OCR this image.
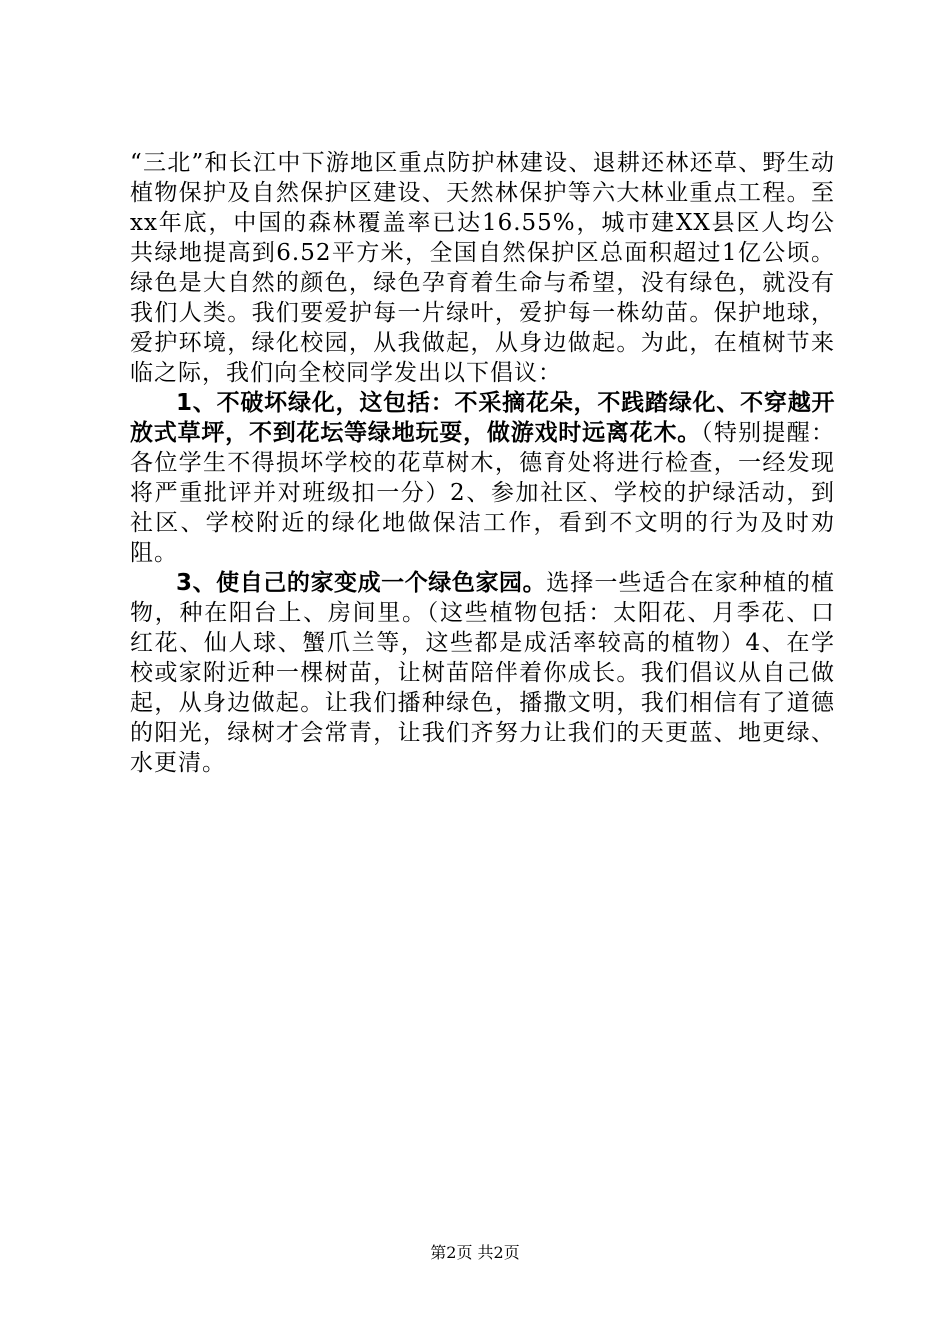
“三北”和长江中下游地区重点防护林建设、退耕还林还草、野生动植物保护及自然保护区建设、天然林保护等六大林业重点工程。至xx年底，中国的森林覆盖率已达16.55%，城市建XX县区人均公共绿地提高到6.52平方米，全国自然保护区总面积超过1亿公顷。绿色是大自然的颜色，绿色孕育着生命与希望，没有绿色，就没有我们人类。我们要爱护每一片绿叶，爱护每一株幼苗。保护地球，爱护环境，绿化校园，从我做起，从身边做起。为此，在植树节来临之际，我们向全校同学发出以下倡议：

1、不破坏绿化，这包括：不采摘花朵，不践踏绿化、不穿越开放式草坪，不到花坛等绿地玩耍，做游戏时远离花木。（特别提醒：各位学生不得损坏学校的花草树木，德育处将进行检查，一经发现将严重批评并对班级扣一分）2、参加社区、学校的护绿活动，到社区、学校附近的绿化地做保洁工作，看到不文明的行为及时劝阻。

3、使自己的家变成一个绿色家园。选择一些适合在家种植的植物，种在阳台上、房间里。（这些植物包括：太阳花、月季花、口红花、仙人球、蟹爪兰等，这些都是成活率较高的植物）4、在学校或家附近种一棵树苗，让树苗陪伴着你成长。我们倡议从自己做起，从身边做起。让我们播种绿色，播撒文明，我们相信有了道德的阳光，绿树才会常青，让我们齐努力让我们的天更蓝、地更绿、水更清。

第2页 共2页
